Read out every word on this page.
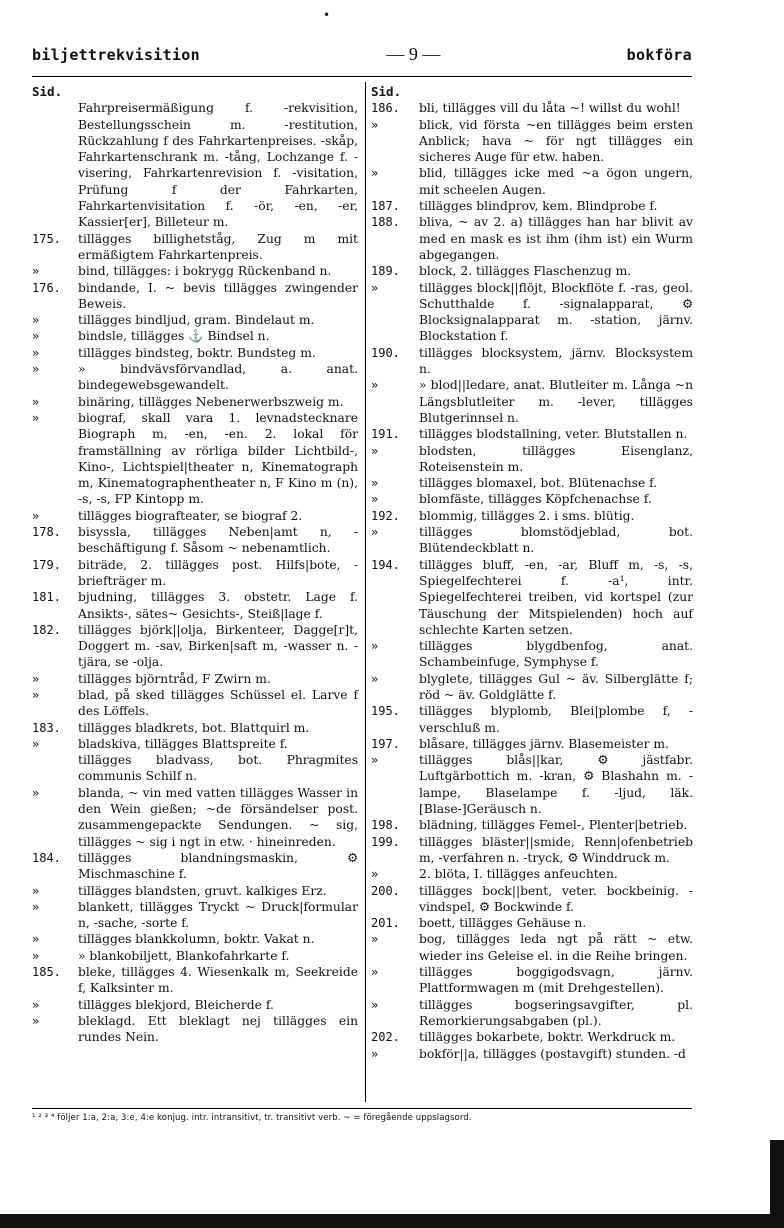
•
biljettrekvisition	— 9 —	bokföra
Sid.
Fahrpreisermäßigung f. -rekvisition, Bestellungsschein m. -restitution, Rückzahlung f des Fahrkartenpreises. -skåp, Fahrkartenschrank m. -tång, Lochzange f. -visering, Fahrkartenrevision f. -visitation, Prüfung f der Fahrkarten, Fahrkartenvisitation f. -ör, -en, -er, Kassier[er], Billeteur m.
175.	tillägges billighetståg, Zug m mit ermäßigtem Fahrkartenpreis.
»	bind, tillägges: i bokrygg Rückenband n.
176.	bindande, I. ~ bevis tillägges zwingender Beweis.
»	tillägges bindljud, gram. Bindelaut m.
»	bindsle, tillägges ⚓ Bindsel n.
»	tillägges bindsteg, boktr. Bundsteg m.
»	» bindvävsförvandlad, a. anat. bindegewebsgewandelt.
»	binäring, tillägges Nebenerwerbszweig m.
»	biograf, skall vara 1. levnadstecknare Biograph m, -en, -en. 2. lokal för framställning av rörliga bilder Lichtbild-, Kino-, Lichtspiel|theater n, Kinematograph m, Kinematographentheater n, F Kino m (n), -s, -s, FP Kintopp m.
»	tillägges biografteater, se biograf 2.
178.	bisyssla, tillägges Neben|amt n, -beschäftigung f. Såsom ~ nebenamtlich.
179.	biträde, 2. tillägges post. Hilfs|bote, -briefträger m.
181.	bjudning, tillägges 3. obstetr. Lage f. Ansikts-, sätes~ Gesichts-, Steiß|lage f.
182.	tillägges björk||olja, Birkenteer, Dagge[r]t, Doggert m. -sav, Birken|saft m, -wasser n. -tjära, se -olja.
»	tillägges björntråd, F Zwirn m.
»	blad, på sked tillägges Schüssel el. Larve f des Löffels.
183.	tillägges bladkrets, bot. Blattquirl m.
»	bladskiva, tillägges Blattspreite f.
tillägges bladvass, bot. Phragmites communis Schilf n.
»	blanda, ~ vin med vatten tillägges Wasser in den Wein gießen; ~de försändelser post. zusammengepackte Sendungen. ~ sig, tillägges ~ sig i ngt in etw. · hineinreden.
184.	tillägges blandningsmaskin, ⚙ Mischmaschine f.
»	tillägges blandsten, gruvt. kalkiges Erz.
»	blankett, tillägges Tryckt ~ Druck|formular n, -sache, -sorte f.
»	tillägges blankkolumn, boktr. Vakat n.
»	» blankobiljett, Blankofahrkarte f.
185.	bleke, tillägges 4. Wiesenkalk m, Seekreide f, Kalksinter m.
»	tillägges blekjord, Bleicherde f.
»	bleklagd. Ett bleklagt nej tillägges ein rundes Nein.
Sid.
186.	bli, tillägges vill du låta ~! willst du wohl!
»	blick, vid första ~en tillägges beim ersten Anblick; hava ~ för ngt tillägges ein sicheres Auge für etw. haben.
»	blid, tillägges icke med ~a ögon ungern, mit scheelen Augen.
187.	tillägges blindprov, kem. Blindprobe f.
188.	bliva, ~ av 2. a) tillägges han har blivit av med en mask es ist ihm (ihm ist) ein Wurm abgegangen.
189.	block, 2. tillägges Flaschenzug m.
»	tillägges block||flöjt, Blockflöte f. -ras, geol. Schutthalde f. -signalapparat, ⚙ Blocksignalapparat m. -station, järnv. Blockstation f.
190.	tillägges blocksystem, järnv. Blocksystem n.
»	» blod||ledare, anat. Blutleiter m. Långa ~n Längsblutleiter m. -lever, tillägges Blutgerinnsel n.
191.	tillägges blodstallning, veter. Blutstallen n.
»	blodsten, tillägges Eisenglanz, Roteisenstein m.
»	tillägges blomaxel, bot. Blütenachse f.
»	blomfäste, tillägges Köpfchenachse f.
192.	blommig, tillägges 2. i sms. blütig.
»	tillägges blomstödjeblad, bot. Blütendeckblatt n.
194.	tillägges bluff, -en, -ar, Bluff m, -s, -s, Spiegelfechterei f. -a¹, intr. Spiegelfechterei treiben, vid kortspel (zur Täuschung der Mitspielenden) hoch auf schlechte Karten setzen.
»	tillägges blygdbenfog, anat. Schambeinfuge, Symphyse f.
»	blyglete, tillägges Gul ~ äv. Silberglätte f; röd ~ äv. Goldglätte f.
195.	tillägges blyplomb, Blei|plombe f, -verschluß m.
197.	blåsare, tillägges järnv. Blasemeister m.
»	tillägges blås||kar, ⚙ jästfabr. Luftgärbottich m. -kran, ⚙ Blashahn m. -lampe, Blaselampe f. -ljud, läk. [Blase-]Geräusch n.
198.	blädning, tillägges Femel-, Plenter|betrieb.
199.	tillägges bläster||smide, Renn|ofenbetrieb m, -verfahren n. -tryck, ⚙ Winddruck m.
»	2. blöta, I. tillägges anfeuchten.
200.	tillägges bock||bent, veter. bockbeinig. -vindspel, ⚙ Bockwinde f.
201.	boett, tillägges Gehäuse n.
»	bog, tillägges leda ngt på rätt ~ etw. wieder ins Geleise el. in die Reihe bringen.
»	tillägges boggigodsvagn, järnv. Plattformwagen m (mit Drehgestellen).
»	tillägges bogseringsavgifter, pl. Remorkierungsabgaben (pl.).
202.	tillägges bokarbete, boktr. Werkdruck m.
»	bokför||a, tillägges (postavgift) stunden. -d
¹ ² ³ ⁴ följer 1:a, 2:a, 3:e, 4:e konjug. intr. intransitivt, tr. transitivt verb. ~ = föregående uppslagsord.
